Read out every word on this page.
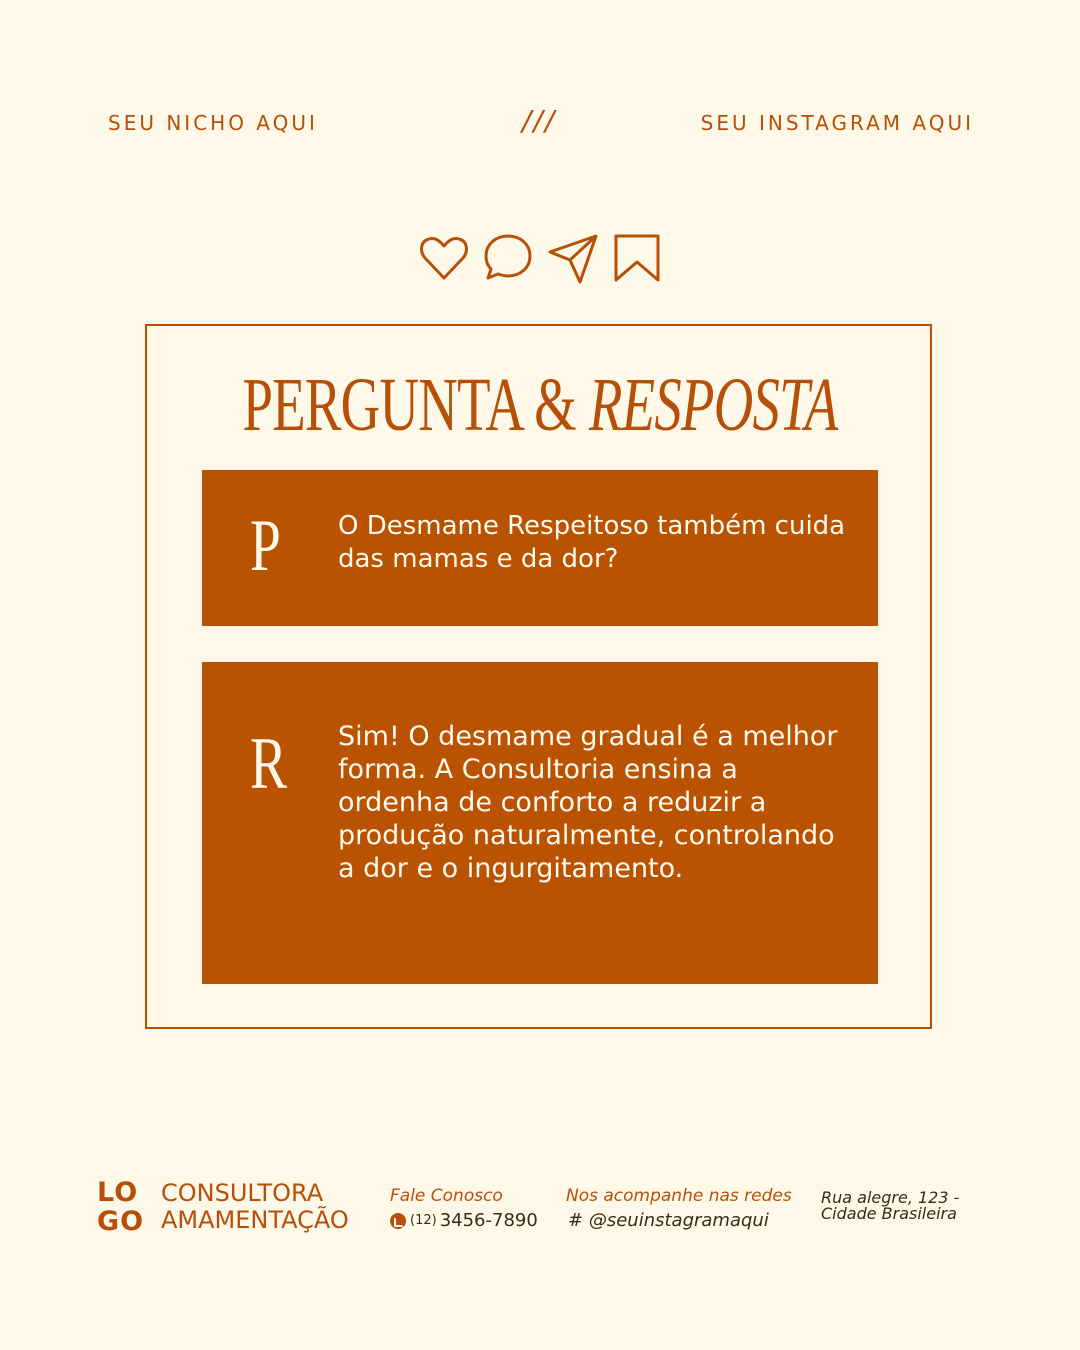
SEU NICHO AQUI	///	SEU INSTAGRAM AQUI
PERGUNTA & RESPOSTA
P O Desmame Respeitoso também cuida das mamas e da dor?
R Sim! O desmame gradual é a melhor forma. A Consultoria ensina a ordenha de conforto a reduzir a produção naturalmente, controlando a dor e o ingurgitamento.
LO
GO
CONSULTORA
AMAMENTAÇÃO
Fale Conosco
(12) 3456-7890
Nos acompanhe nas redes
# @seuinstagramaqui
Rua alegre, 123 - Cidade Brasileira
